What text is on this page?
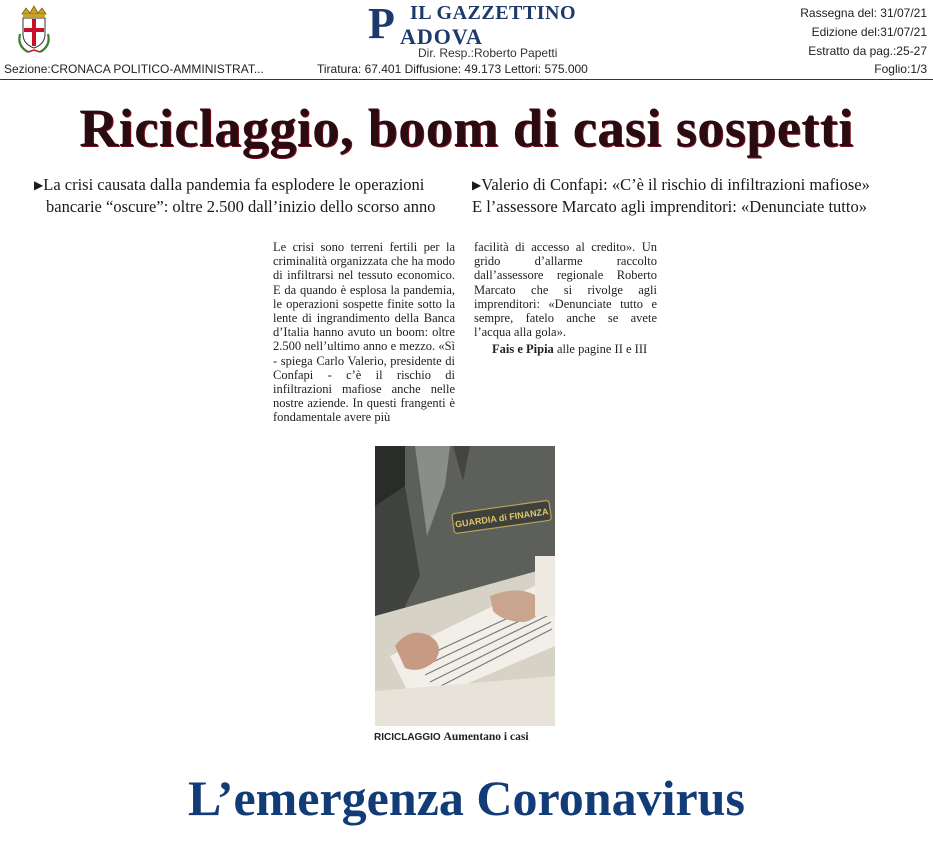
P IL GAZZETTINO
ADOVA
Dir. Resp.:Roberto Papetti
Rassegna del: 31/07/21
Edizione del:31/07/21
Estratto da pag.:25-27
Foglio:1/3
Sezione:CRONACA POLITICO-AMMINISTRAT...	Tiratura: 67.401 Diffusione: 49.173 Lettori: 575.000
Riciclaggio, boom di casi sospetti
▶La crisi causata dalla pandemia fa esplodere le operazioni
bancarie “oscure”: oltre 2.500 dall’inizio dello scorso anno
▶Valerio di Confapi: «C’è il rischio di infiltrazioni mafiose»
E l’assessore Marcato agli imprenditori: «Denunciate tutto»

Le crisi sono terreni fertili per la criminalità organizzata che ha modo di infiltrarsi nel tessuto economico. E da quando è esplosa la pandemia, le operazioni sospette finite sotto la lente di ingrandimento della Banca d’Italia hanno avuto un boom: oltre 2.500 nell’ultimo anno e mezzo. «Sì - spiega Carlo Valerio, presidente di Confapi - c’è il rischio di infiltrazioni mafiose anche nelle nostre aziende. In questi frangenti è fondamentale avere più

facilità di accesso al credito». Un grido d’allarme raccolto dall’assessore regionale Roberto Marcato che si rivolge agli imprenditori: «Denunciate tutto e sempre, fatelo anche se avete l’acqua alla gola».

Fais e Pipia alle pagine II e III
GUARDIA di FINANZA
RICICLAGGIO Aumentano i casi
L’emergenza Coronavirus
